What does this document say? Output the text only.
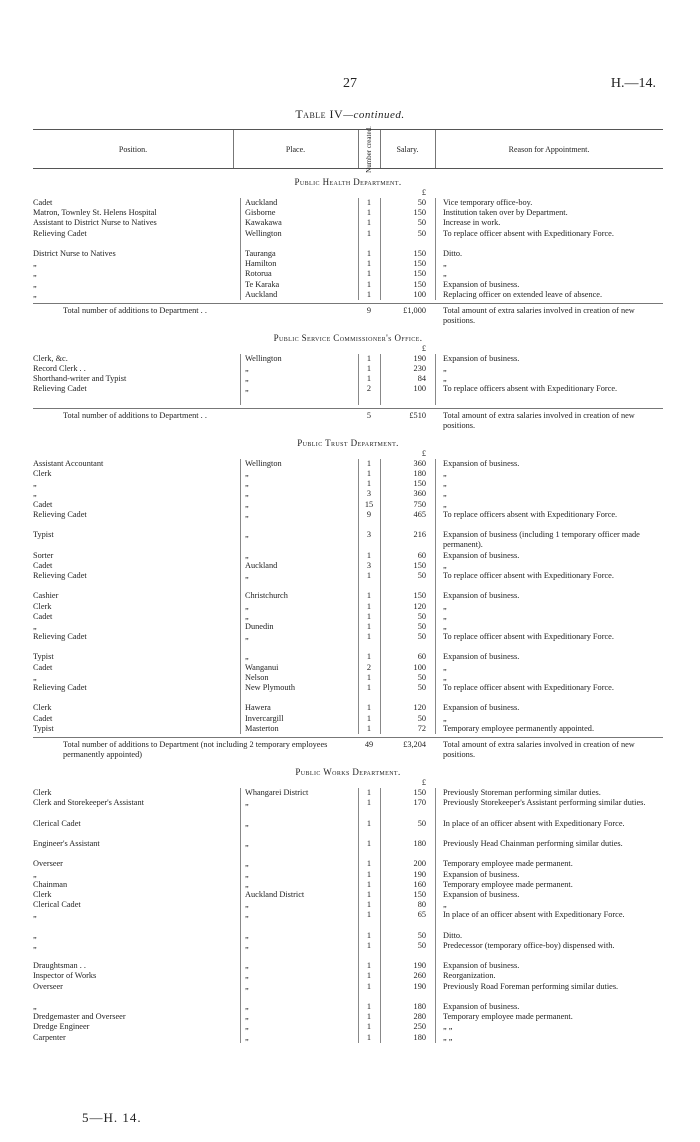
27	H.—14.
Table IV—continued.
Position.	Place.	Number created.	Salary.	Reason for Appointment.
Public Health Department.
£
Cadet	Auckland	1	50 Vice temporary office-boy.
Matron, Townley St. Helens Hospital	Gisborne	1	150 Institution taken over by Department.
Assistant to District Nurse to Natives	Kawakawa	1	50 Increase in work.
Relieving Cadet	Wellington	1	50 To replace officer absent with Expeditionary Force.
District Nurse to Natives	Tauranga	1	150 Ditto.
„	Hamilton	1	150 „
„	Rotorua	1	150 „
„	Te Karaka	1	150 Expansion of business.
„	Auckland	1	100 Replacing officer on extended leave of absence.
Total number of additions to Department . .	9	£1,000 Total amount of extra salaries involved in creation of new positions.
Public Service Commissioner's Office.
£
Clerk, &c.	Wellington	1	190 Expansion of business.
Record Clerk . .	„	1	230 „
Shorthand-writer and Typist	„	1	84 „
Relieving Cadet	„	2	100 To replace officers absent with Expeditionary Force.
Total number of additions to Department . .	5	£510 Total amount of extra salaries involved in creation of new positions.
Public Trust Department.
£
Assistant Accountant	Wellington	1	360 Expansion of business.
Clerk	„	1	180 „
„	„	1	150 „
„	„	3	360 „
Cadet	„	15	750 „
Relieving Cadet	„	9	465 To replace officers absent with Expeditionary Force.
Typist	„	3	216 Expansion of business (including 1 temporary officer made permanent).
Sorter	„	1	60 Expansion of business.
Cadet	Auckland	3	150 „
Relieving Cadet	„	1	50 To replace officer absent with Expeditionary Force.
Cashier	Christchurch	1	150 Expansion of business.
Clerk	„	1	120 „
Cadet	„	1	50 „
„	Dunedin	1	50 „
Relieving Cadet	„	1	50 To replace officer absent with Expeditionary Force.
Typist	„	1	60 Expansion of business.
Cadet	Wanganui	2	100 „
„	Nelson	1	50 „
Relieving Cadet	New Plymouth	1	50 To replace officer absent with Expeditionary Force.
Clerk	Hawera	1	120 Expansion of business.
Cadet	Invercargill	1	50 „
Typist	Masterton	1	72 Temporary employee permanently appointed.
Total number of additions to Department (not including 2 temporary employees permanently appointed)
49	£3,204 Total amount of extra salaries involved in creation of new positions.
Public Works Department.
£
Clerk	Whangarei District	1	150 Previously Storeman performing similar duties.
Clerk and Storekeeper's Assistant	„	1	170 Previously Storekeeper's Assistant performing similar duties.
Clerical Cadet	„	1	50 In place of an officer absent with Expeditionary Force.
Engineer's Assistant	„	1	180 Previously Head Chainman performing similar duties.
Overseer	„	1	200 Temporary employee made permanent.
„	„	1	190 Expansion of business.
Chainman	„	1	160 Temporary employee made permanent.
Clerk	Auckland District	1	150 Expansion of business.
Clerical Cadet	„	1	80 „
„	„	1	65 In place of an officer absent with Expeditionary Force.
„	„	1	50 Ditto.
„	„	1	50 Predecessor (temporary office-boy) dispensed with.
Draughtsman . .	„	1	190 Expansion of business.
Inspector of Works	„	1	260 Reorganization.
Overseer	„	1	190 Previously Road Foreman performing similar duties.
„	„	1	180 Expansion of business.
Dredgemaster and Overseer	„	1	280 Temporary employee made permanent.
Dredge Engineer	„	1	250 „ „
Carpenter	„	1	180 „ „
5—H. 14.
